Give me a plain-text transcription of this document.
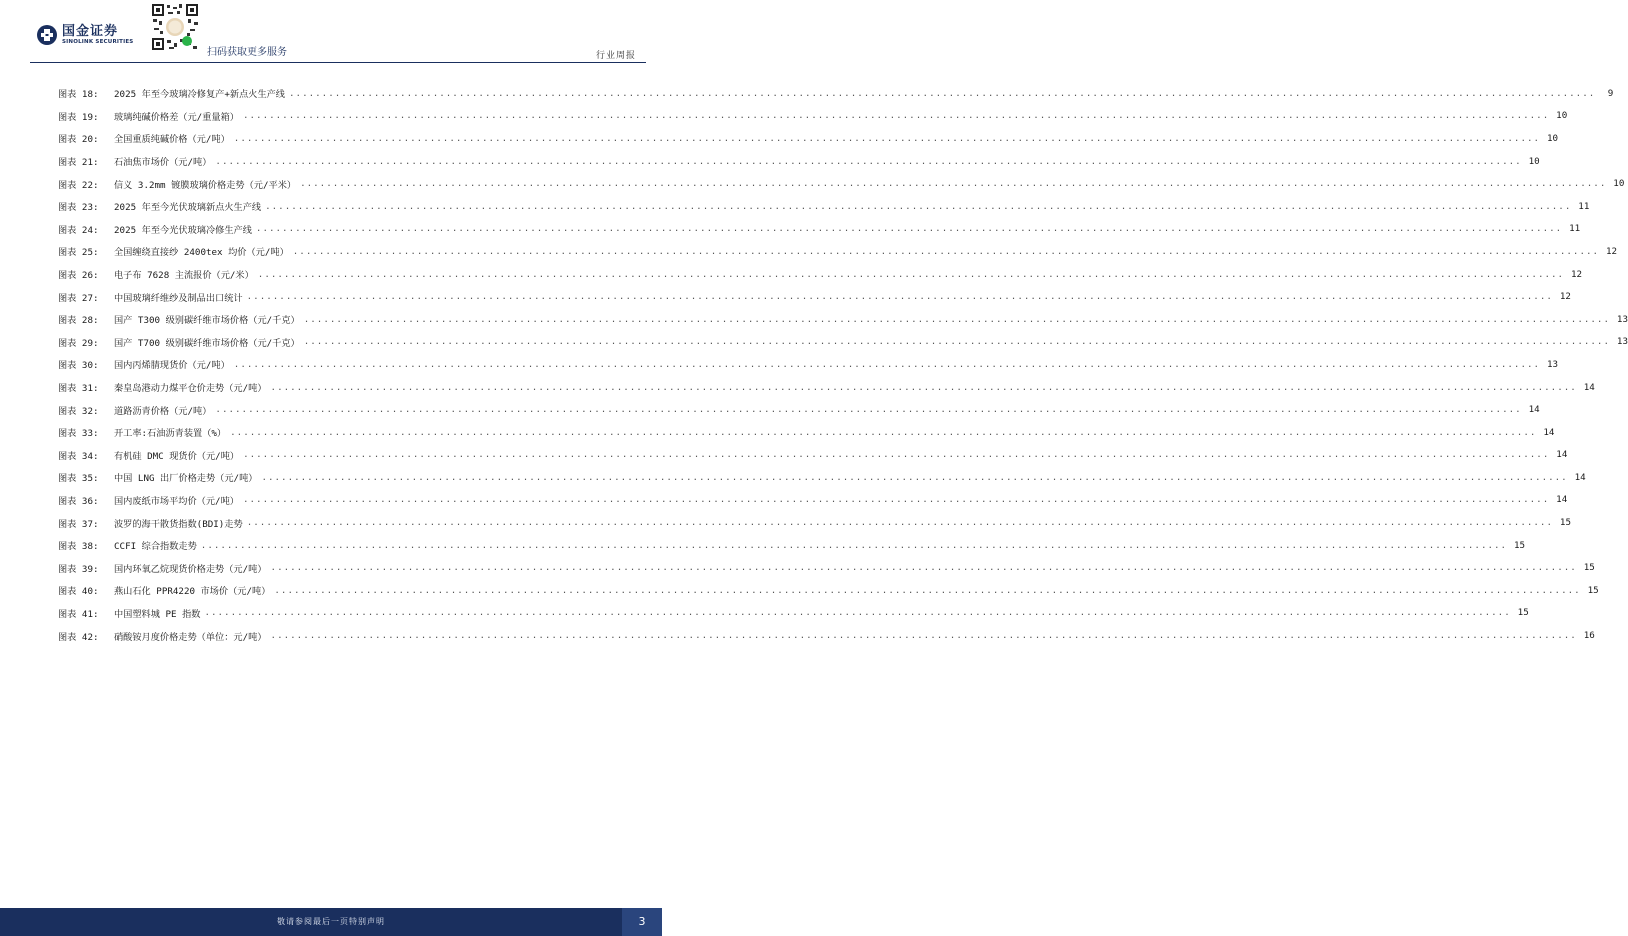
国金证券
SINOLINK SECURITIES
扫码获取更多服务	行业周报
图表 18:	2025 年至今玻璃冷修复产+新点火生产线 ........................................................................................................................................................................................................	9
图表 19:	玻璃纯碱价格差（元/重量箱） ........................................................................................................................................................................................................ 10
图表 20:	全国重质纯碱价格（元/吨） ........................................................................................................................................................................................................ 10
图表 21:	石油焦市场价（元/吨） ........................................................................................................................................................................................................ 10
图表 22:	信义 3.2mm 镀膜玻璃价格走势（元/平米） ........................................................................................................................................................................................................ 10
图表 23:	2025 年至今光伏玻璃新点火生产线 ........................................................................................................................................................................................................ 11
图表 24:	2025 年至今光伏玻璃冷修生产线 ........................................................................................................................................................................................................ 11
图表 25:	全国缠绕直接纱 2400tex 均价（元/吨） ........................................................................................................................................................................................................ 12
图表 26:	电子布 7628 主流报价（元/米） ........................................................................................................................................................................................................ 12
图表 27:	中国玻璃纤维纱及制品出口统计 ........................................................................................................................................................................................................ 12
图表 28:	国产 T300 级别碳纤维市场价格（元/千克） ........................................................................................................................................................................................................ 13
图表 29:	国产 T700 级别碳纤维市场价格（元/千克） ........................................................................................................................................................................................................ 13
图表 30:	国内丙烯腈现货价（元/吨） ........................................................................................................................................................................................................ 13
图表 31:	秦皇岛港动力煤平仓价走势（元/吨） ........................................................................................................................................................................................................ 14
图表 32:	道路沥青价格（元/吨） ........................................................................................................................................................................................................ 14
图表 33:	开工率:石油沥青装置（%） ........................................................................................................................................................................................................ 14
图表 34:	有机硅 DMC 现货价（元/吨） ........................................................................................................................................................................................................ 14
图表 35:	中国 LNG 出厂价格走势（元/吨） ........................................................................................................................................................................................................ 14
图表 36:	国内废纸市场平均价（元/吨） ........................................................................................................................................................................................................ 14
图表 37:	波罗的海干散货指数(BDI)走势 ........................................................................................................................................................................................................ 15
图表 38:	CCFI 综合指数走势 ........................................................................................................................................................................................................ 15
图表 39:	国内环氧乙烷现货价格走势（元/吨） ........................................................................................................................................................................................................ 15
图表 40:	燕山石化 PPR4220 市场价（元/吨） ........................................................................................................................................................................................................ 15
图表 41:	中国塑料城 PE 指数 ........................................................................................................................................................................................................ 15
图表 42:	硝酸铵月度价格走势（单位：元/吨） ........................................................................................................................................................................................................ 16
敬请参阅最后一页特别声明	3
